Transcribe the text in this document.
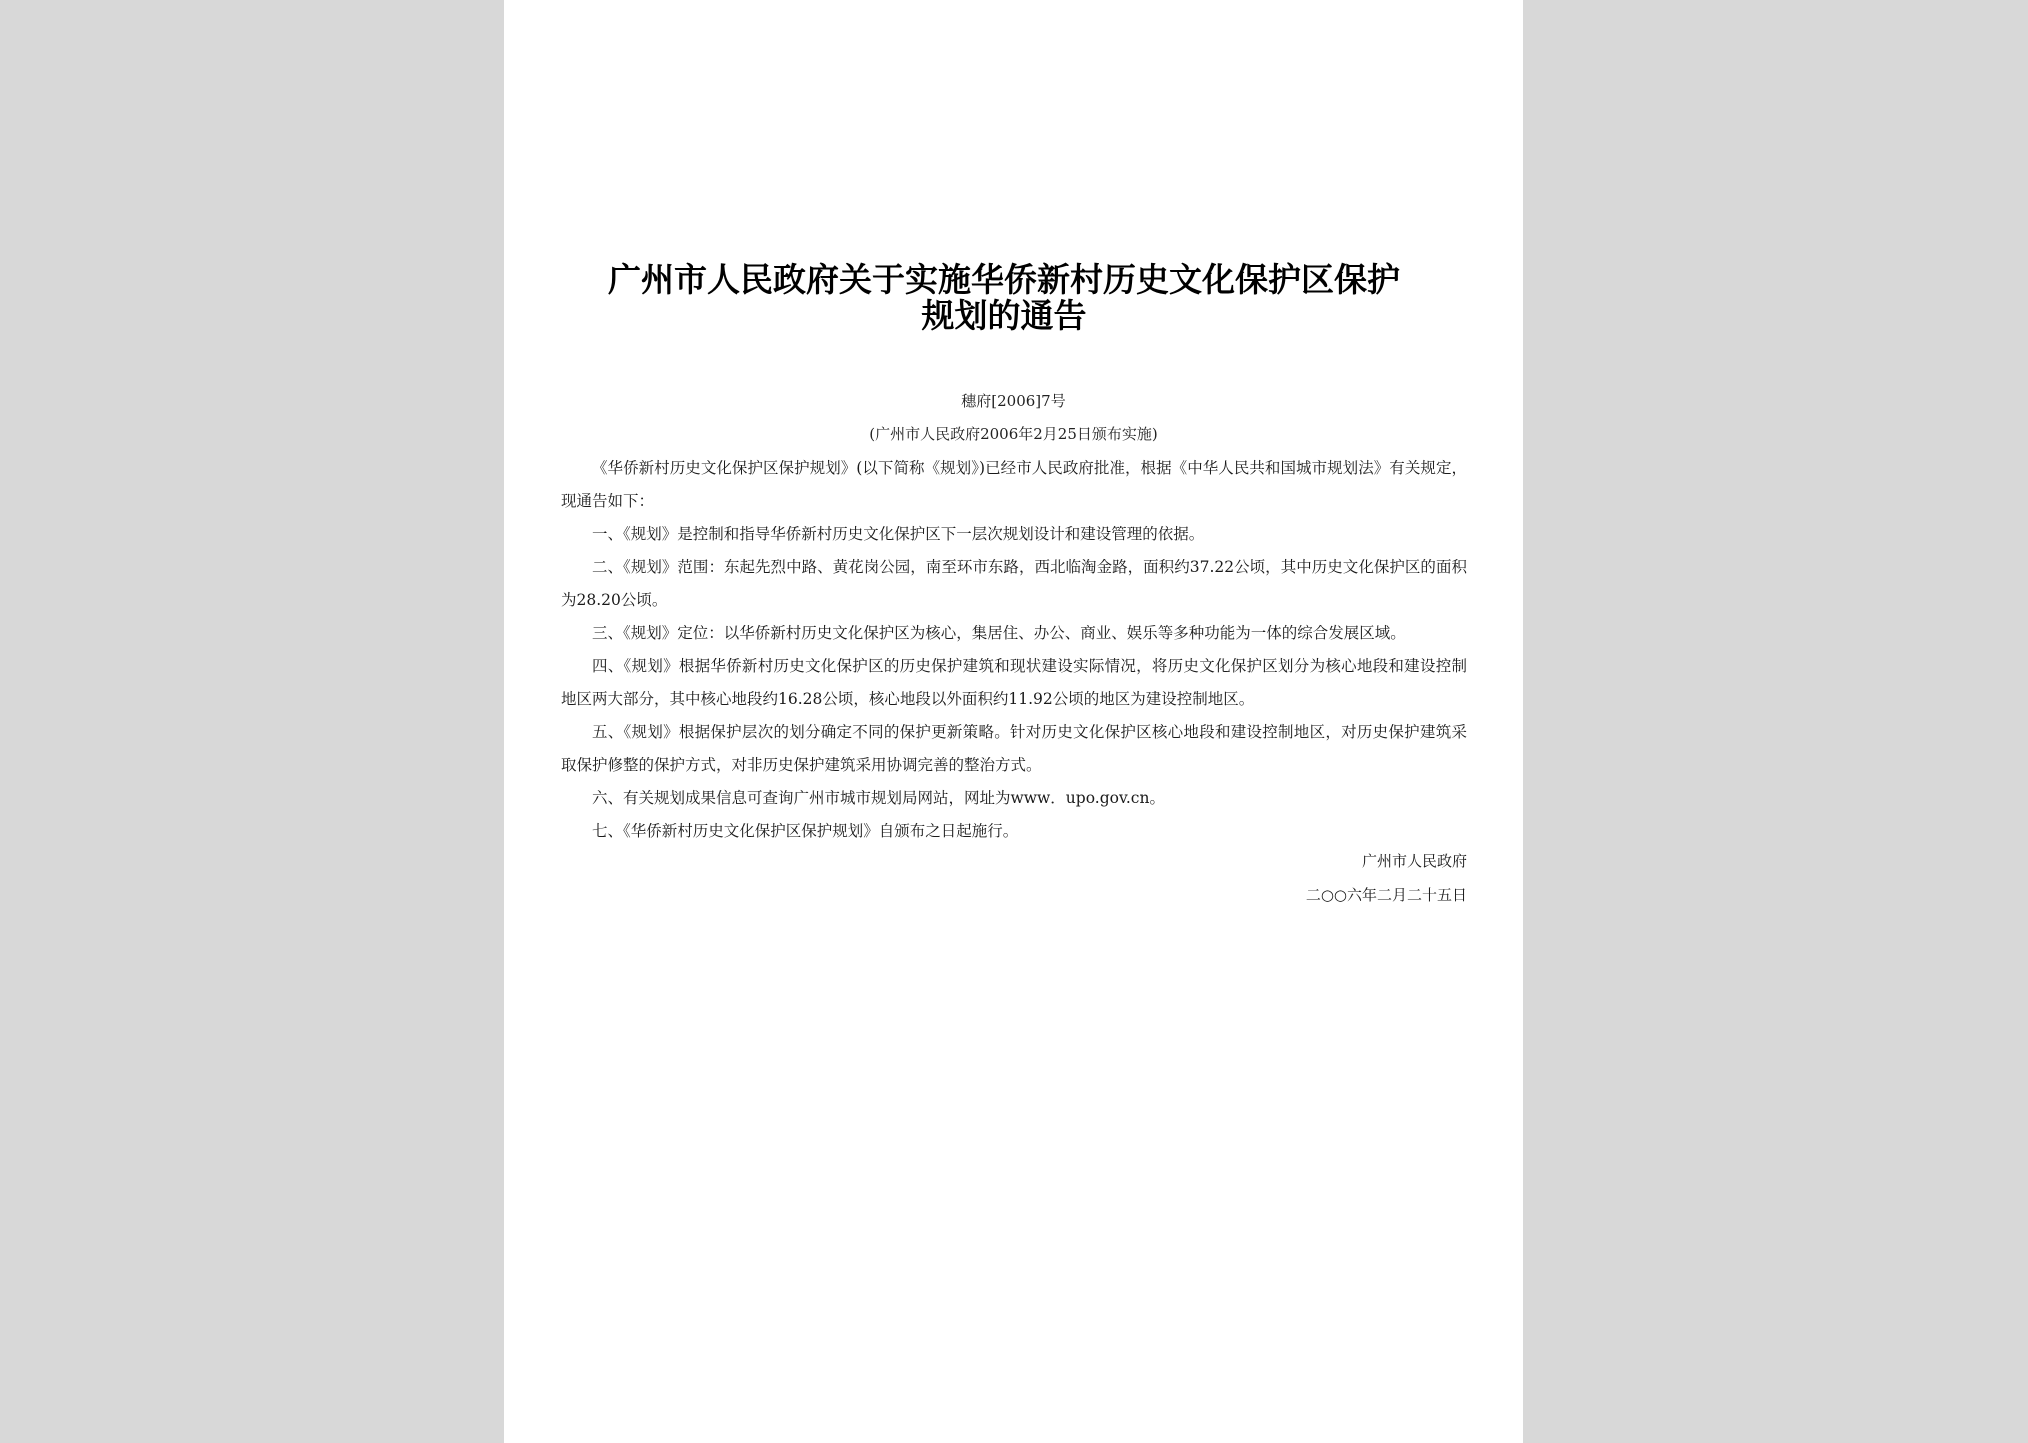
广州市人民政府关于实施华侨新村历史文化保护区保护规划的通告
穗府[2006]7号
(广州市人民政府2006年2月25日颁布实施)

《华侨新村历史文化保护区保护规划》(以下简称《规划》)已经市人民政府批准，根据《中华人民共和国城市规划法》有关规定，现通告如下：

一、《规划》是控制和指导华侨新村历史文化保护区下一层次规划设计和建设管理的依据。

二、《规划》范围：东起先烈中路、黄花岗公园，南至环市东路，西北临淘金路，面积约37.22公顷，其中历史文化保护区的面积为28.20公顷。

三、《规划》定位：以华侨新村历史文化保护区为核心，集居住、办公、商业、娱乐等多种功能为一体的综合发展区域。

四、《规划》根据华侨新村历史文化保护区的历史保护建筑和现状建设实际情况，将历史文化保护区划分为核心地段和建设控制地区两大部分，其中核心地段约16.28公顷，核心地段以外面积约11.92公顷的地区为建设控制地区。

五、《规划》根据保护层次的划分确定不同的保护更新策略。针对历史文化保护区核心地段和建设控制地区，对历史保护建筑采取保护修整的保护方式，对非历史保护建筑采用协调完善的整治方式。

六、有关规划成果信息可查询广州市城市规划局网站，网址为www．upo.gov.cn。

七、《华侨新村历史文化保护区保护规划》自颁布之日起施行。

广州市人民政府
二○○六年二月二十五日
